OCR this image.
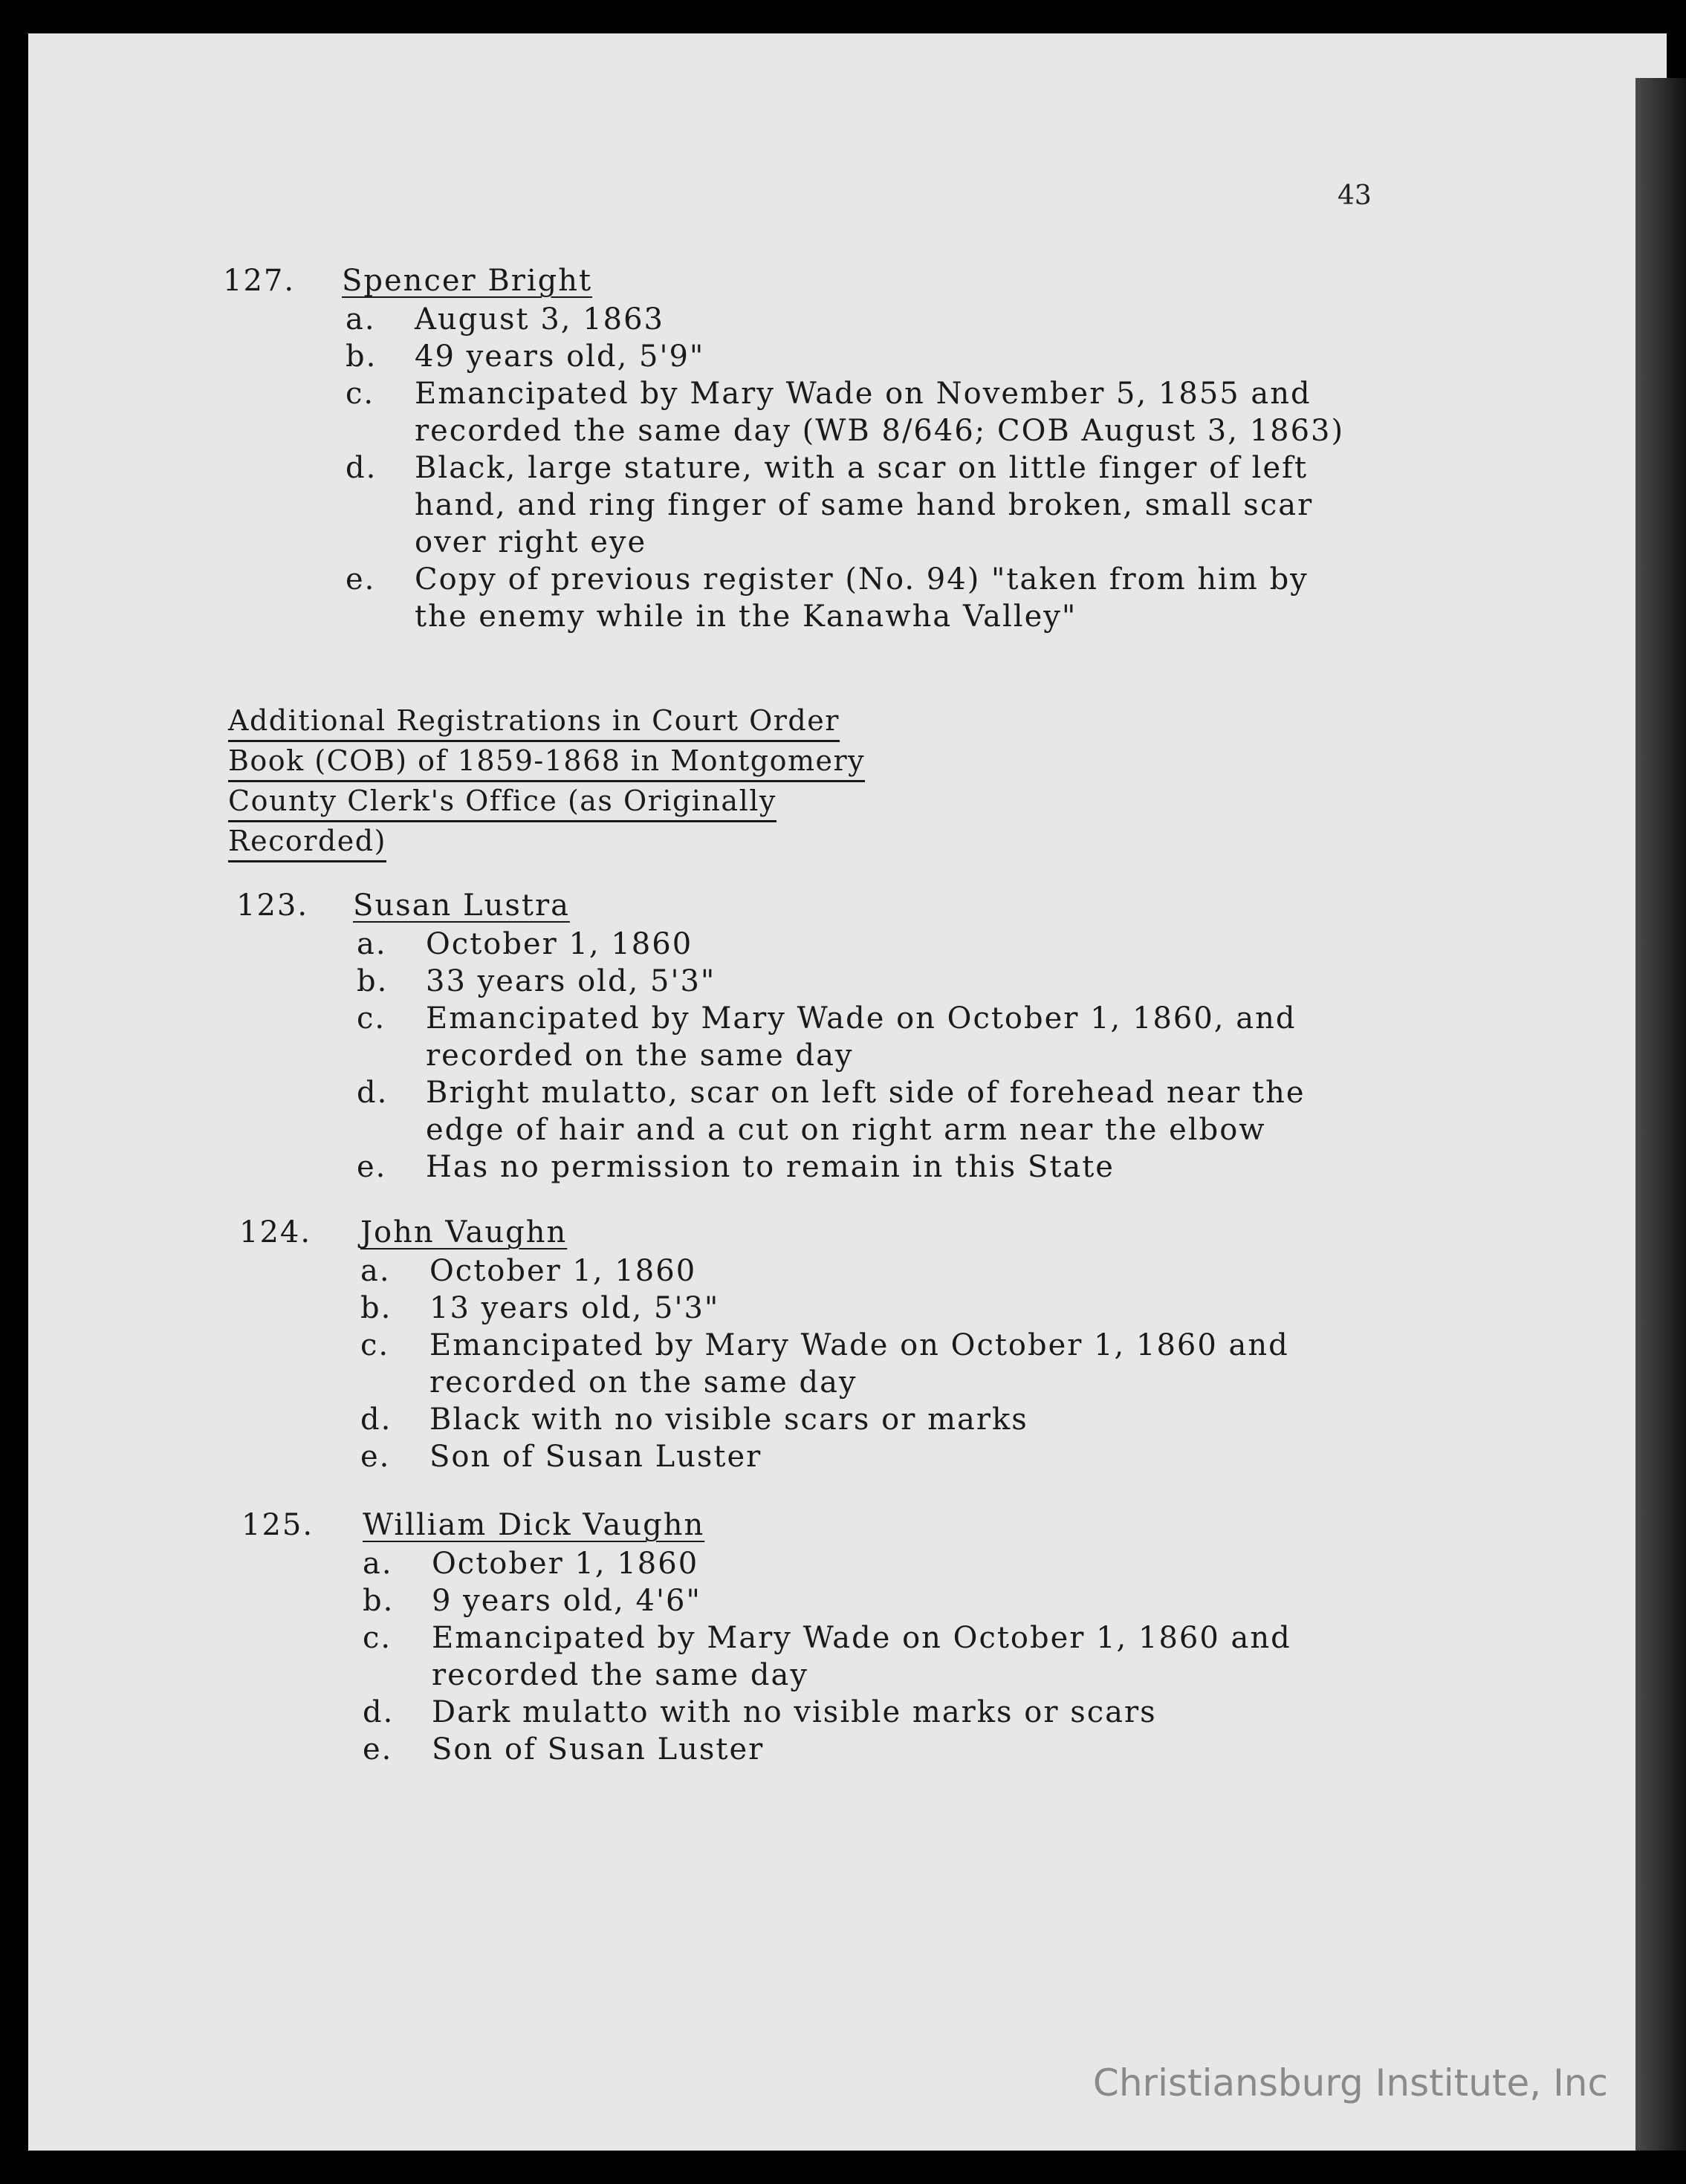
43
127. Spencer Bright
a. August 3, 1863
b. 49 years old, 5'9"
c. Emancipated by Mary Wade on November 5, 1855 and
recorded the same day (WB 8/646; COB August 3, 1863)
d. Black, large stature, with a scar on little finger of left
hand, and ring finger of same hand broken, small scar
over right eye
e. Copy of previous register (No. 94) "taken from him by
the enemy while in the Kanawha Valley"
Additional Registrations in Court Order
Book (COB) of 1859-1868 in Montgomery
County Clerk's Office (as Originally
Recorded)
123. Susan Lustra
a. October 1, 1860
b. 33 years old, 5'3"
c. Emancipated by Mary Wade on October 1, 1860, and
recorded on the same day
d. Bright mulatto, scar on left side of forehead near the
edge of hair and a cut on right arm near the elbow
e. Has no permission to remain in this State
124. John Vaughn
a. October 1, 1860
b. 13 years old, 5'3"
c. Emancipated by Mary Wade on October 1, 1860 and
recorded on the same day
d. Black with no visible scars or marks
e. Son of Susan Luster
125. William Dick Vaughn
a. October 1, 1860
b. 9 years old, 4'6"
c. Emancipated by Mary Wade on October 1, 1860 and
recorded the same day
d. Dark mulatto with no visible marks or scars
e. Son of Susan Luster
Christiansburg Institute, Inc
